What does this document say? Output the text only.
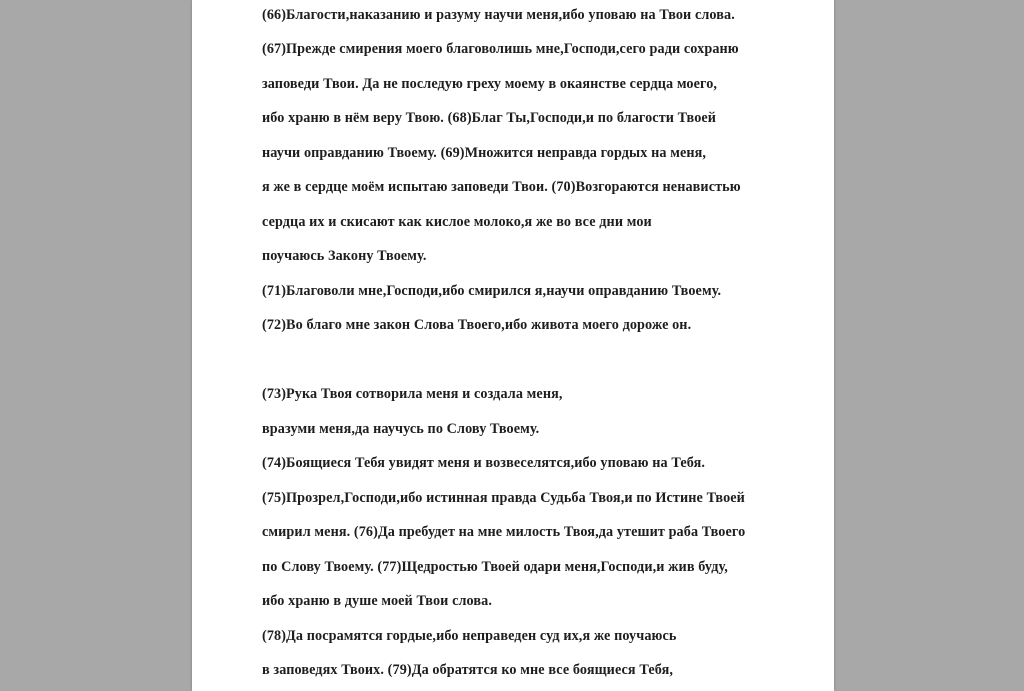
(66)Благости,наказанию и разуму научи меня,ибо уповаю на Твои слова.
(67)Прежде смирения моего благоволишь мне,Господи,сего ради сохраню
заповеди Твои. Да не последую греху моему в окаянстве сердца моего,
ибо храню в нём веру Твою. (68)Благ Ты,Господи,и по благости Твоей
научи оправданию Твоему. (69)Множится неправда гордых на меня,
я же в сердце моём испытаю заповеди Твои. (70)Возгораются ненавистью
сердца их и скисают как кислое молоко,я же во все дни мои
поучаюсь Закону Твоему.
(71)Благоволи мне,Господи,ибо смирился я,научи оправданию Твоему.
(72)Во благо мне закон Слова Твоего,ибо живота моего дороже он.
(73)Рука Твоя сотворила меня и создала меня,
вразуми меня,да научусь по Слову Твоему.
(74)Боящиеся Тебя увидят меня и возвеселятся,ибо уповаю на Тебя.
(75)Прозрел,Господи,ибо истинная правда Судьба Твоя,и по Истине Твоей
смирил меня. (76)Да пребудет на мне милость Твоя,да утешит раба Твоего
по Слову Твоему. (77)Щедростью Твоей одари меня,Господи,и жив буду,
ибо храню в душе моей Твои слова.
(78)Да посрамятся гордые,ибо неправеден суд их,я же поучаюсь
в заповедях Твоих. (79)Да обратятся ко мне все боящиеся Тебя,
